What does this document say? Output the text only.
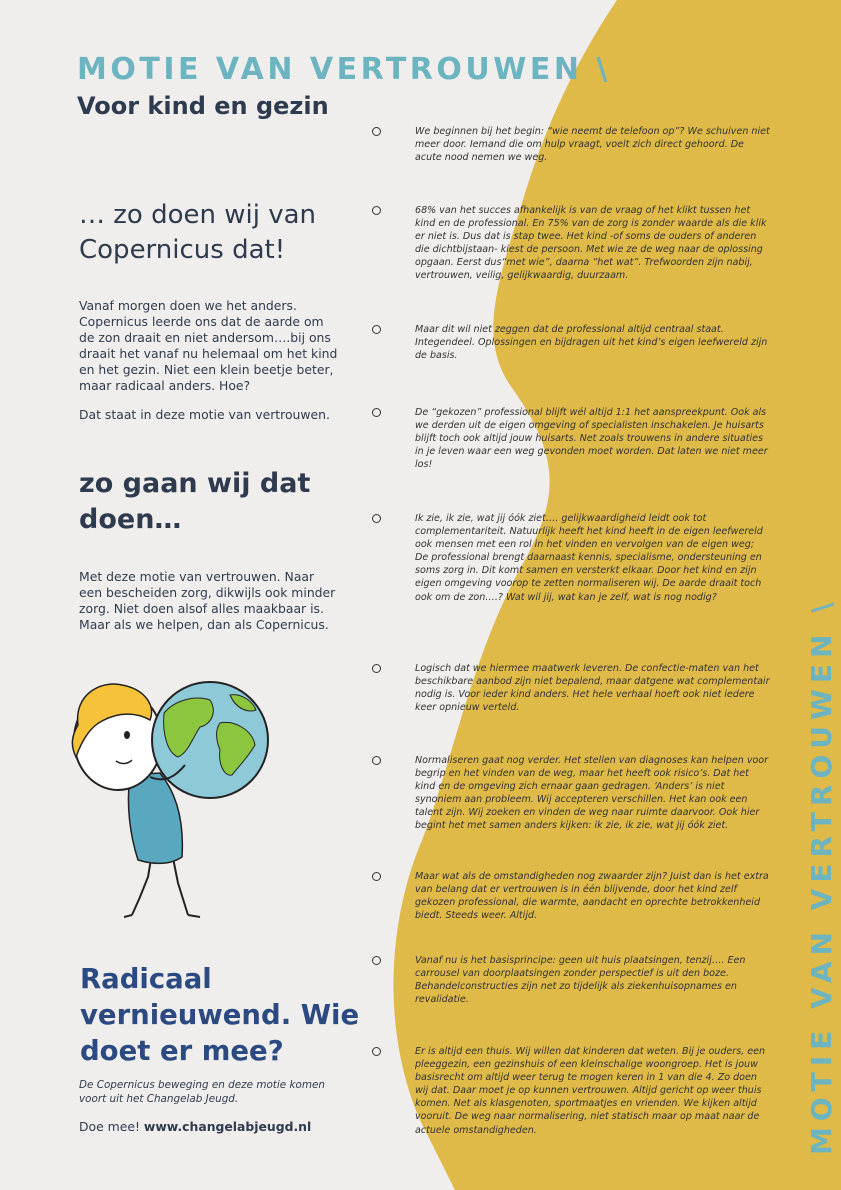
MOTIE VAN VERTROUWEN \
Voor kind en gezin
… zo doen wij van Copernicus dat!

Vanaf morgen doen we het anders. Copernicus leerde ons dat de aarde om de zon draait en niet andersom….bij ons draait het vanaf nu helemaal om het kind en het gezin. Niet een klein beetje beter, maar radicaal anders. Hoe?

Dat staat in deze motie van vertrouwen.

zo gaan wij dat doen…

Met deze motie van vertrouwen. Naar een bescheiden zorg, dikwijls ook minder zorg. Niet doen alsof alles maakbaar is. Maar als we helpen, dan als Copernicus.

Radicaal vernieuwend. Wie doet er mee?

De Copernicus beweging en deze motie komen voort uit het Changelab Jeugd.

Doe mee! www.changelabjeugd.nl

We beginnen bij het begin: “wie neemt de telefoon op”? We schuiven niet meer door. Iemand die om hulp vraagt, voelt zich direct gehoord. De acute nood nemen we weg.

68% van het succes afhankelijk is van de vraag of het klikt tussen het kind en de professional. En 75% van de zorg is zonder waarde als die klik er niet is. Dus dat is stap twee. Het kind -of soms de ouders of anderen die dichtbijstaan- kiest de persoon. Met wie ze de weg naar de oplossing opgaan. Eerst dus“met wie”, daarna “het wat”. Trefwoorden zijn nabij, vertrouwen, veilig, gelijkwaardig, duurzaam.

Maar dit wil niet zeggen dat de professional altijd centraal staat. Integendeel. Oplossingen en bijdragen uit het kind’s eigen leefwereld zijn de basis.

De “gekozen” professional blijft wél altijd 1:1 het aanspreekpunt. Ook als we derden uit de eigen omgeving of specialisten inschakelen. Je huisarts blijft toch ook altijd jouw huisarts. Net zoals trouwens in andere situaties in je leven waar een weg gevonden moet worden. Dat laten we niet meer los!

Ik zie, ik zie, wat jij óók ziet…. gelijkwaardigheid leidt ook tot complementariteit. Natuurlijk heeft het kind heeft in de eigen leefwereld ook mensen met een rol in het vinden en vervolgen van de eigen weg; De professional brengt daarnaast kennis, specialisme, ondersteuning en soms zorg in. Dit komt samen en versterkt elkaar. Door het kind en zijn eigen omgeving voorop te zetten normaliseren wij. De aarde draait toch ook om de zon….? Wat wil jij, wat kan je zelf, wat is nog nodig?

Logisch dat we hiermee maatwerk leveren. De confectie-maten van het beschikbare aanbod zijn niet bepalend, maar datgene wat complementair nodig is. Voor ieder kind anders. Het hele verhaal hoeft ook niet iedere keer opnieuw verteld.

Normaliseren gaat nog verder. Het stellen van diagnoses kan helpen voor begrip en het vinden van de weg, maar het heeft ook risico’s. Dat het kind en de omgeving zich ernaar gaan gedragen. ‘Anders’ is niet synoniem aan probleem. Wij accepteren verschillen. Het kan ook een talent zijn. Wij zoeken en vinden de weg naar ruimte daarvoor. Ook hier begint het met samen anders kijken: ik zie, ik zie, wat jij óók ziet.

Maar wat als de omstandigheden nog zwaarder zijn? Juist dan is het extra van belang dat er vertrouwen is in één blijvende, door het kind zelf gekozen professional, die warmte, aandacht en oprechte betrokkenheid biedt. Steeds weer. Altijd.

Vanaf nu is het basisprincipe: geen uit huis plaatsingen, tenzij…. Een carrousel van doorplaatsingen zonder perspectief is uit den boze. Behandelconstructies zijn net zo tijdelijk als ziekenhuisopnames en revalidatie.

Er is altijd een thuis. Wij willen dat kinderen dat weten. Bij je ouders, een pleeggezin, een gezinshuis of een kleinschalige woongroep. Het is jouw basisrecht om altijd weer terug te mogen keren in 1 van die 4. Zo doen wij dat. Daar moet je op kunnen vertrouwen. Altijd gericht op weer thuis komen. Net als klasgenoten, sportmaatjes en vrienden. We kijken altijd vooruit. De weg naar normalisering, niet statisch maar op maat naar de actuele omstandigheden.	MOTIE VAN VERTROUWEN \
